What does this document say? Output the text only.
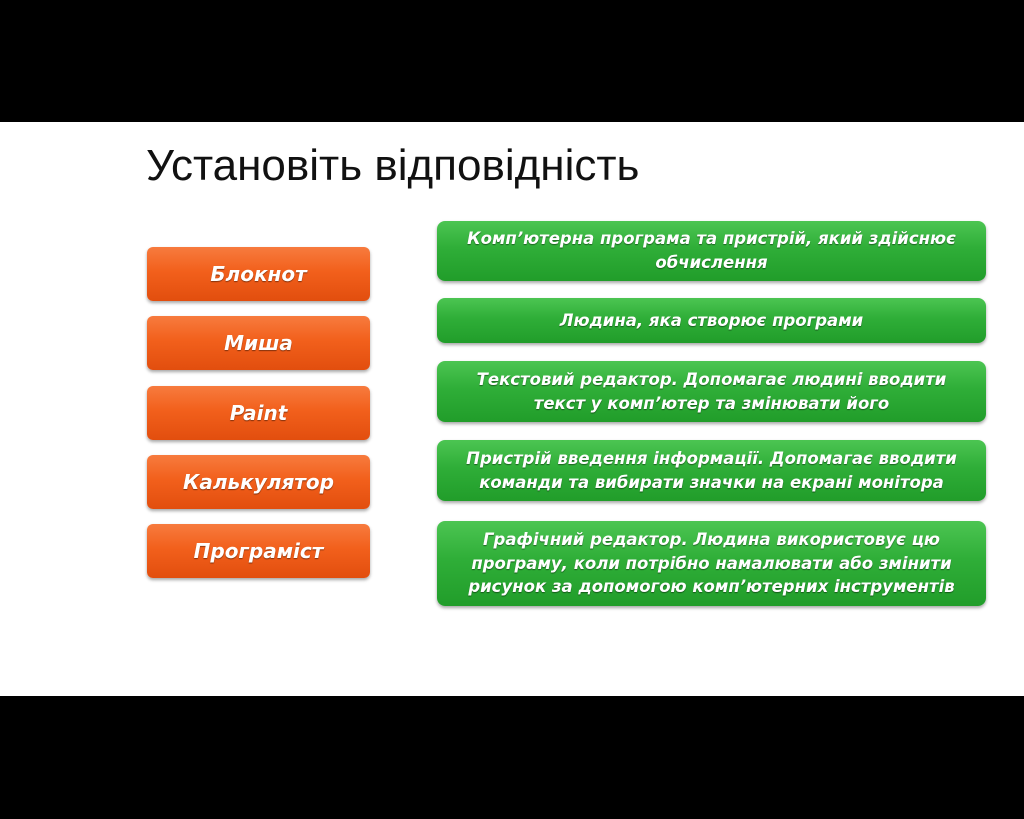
Установіть відповідність
Блокнот
Миша
Paint
Калькулятор
Програміст
Комп’ютерна програма та пристрій, який здійснює обчислення
Людина, яка створює програми
Текстовий редактор. Допомагає людині вводити текст у комп’ютер та змінювати його
Пристрій введення інформації. Допомагає вводити команди та вибирати значки на екрані монітора
Графічний редактор. Людина використовує цю програму, коли потрібно намалювати або змінити рисунок за допомогою комп’ютерних інструментів
